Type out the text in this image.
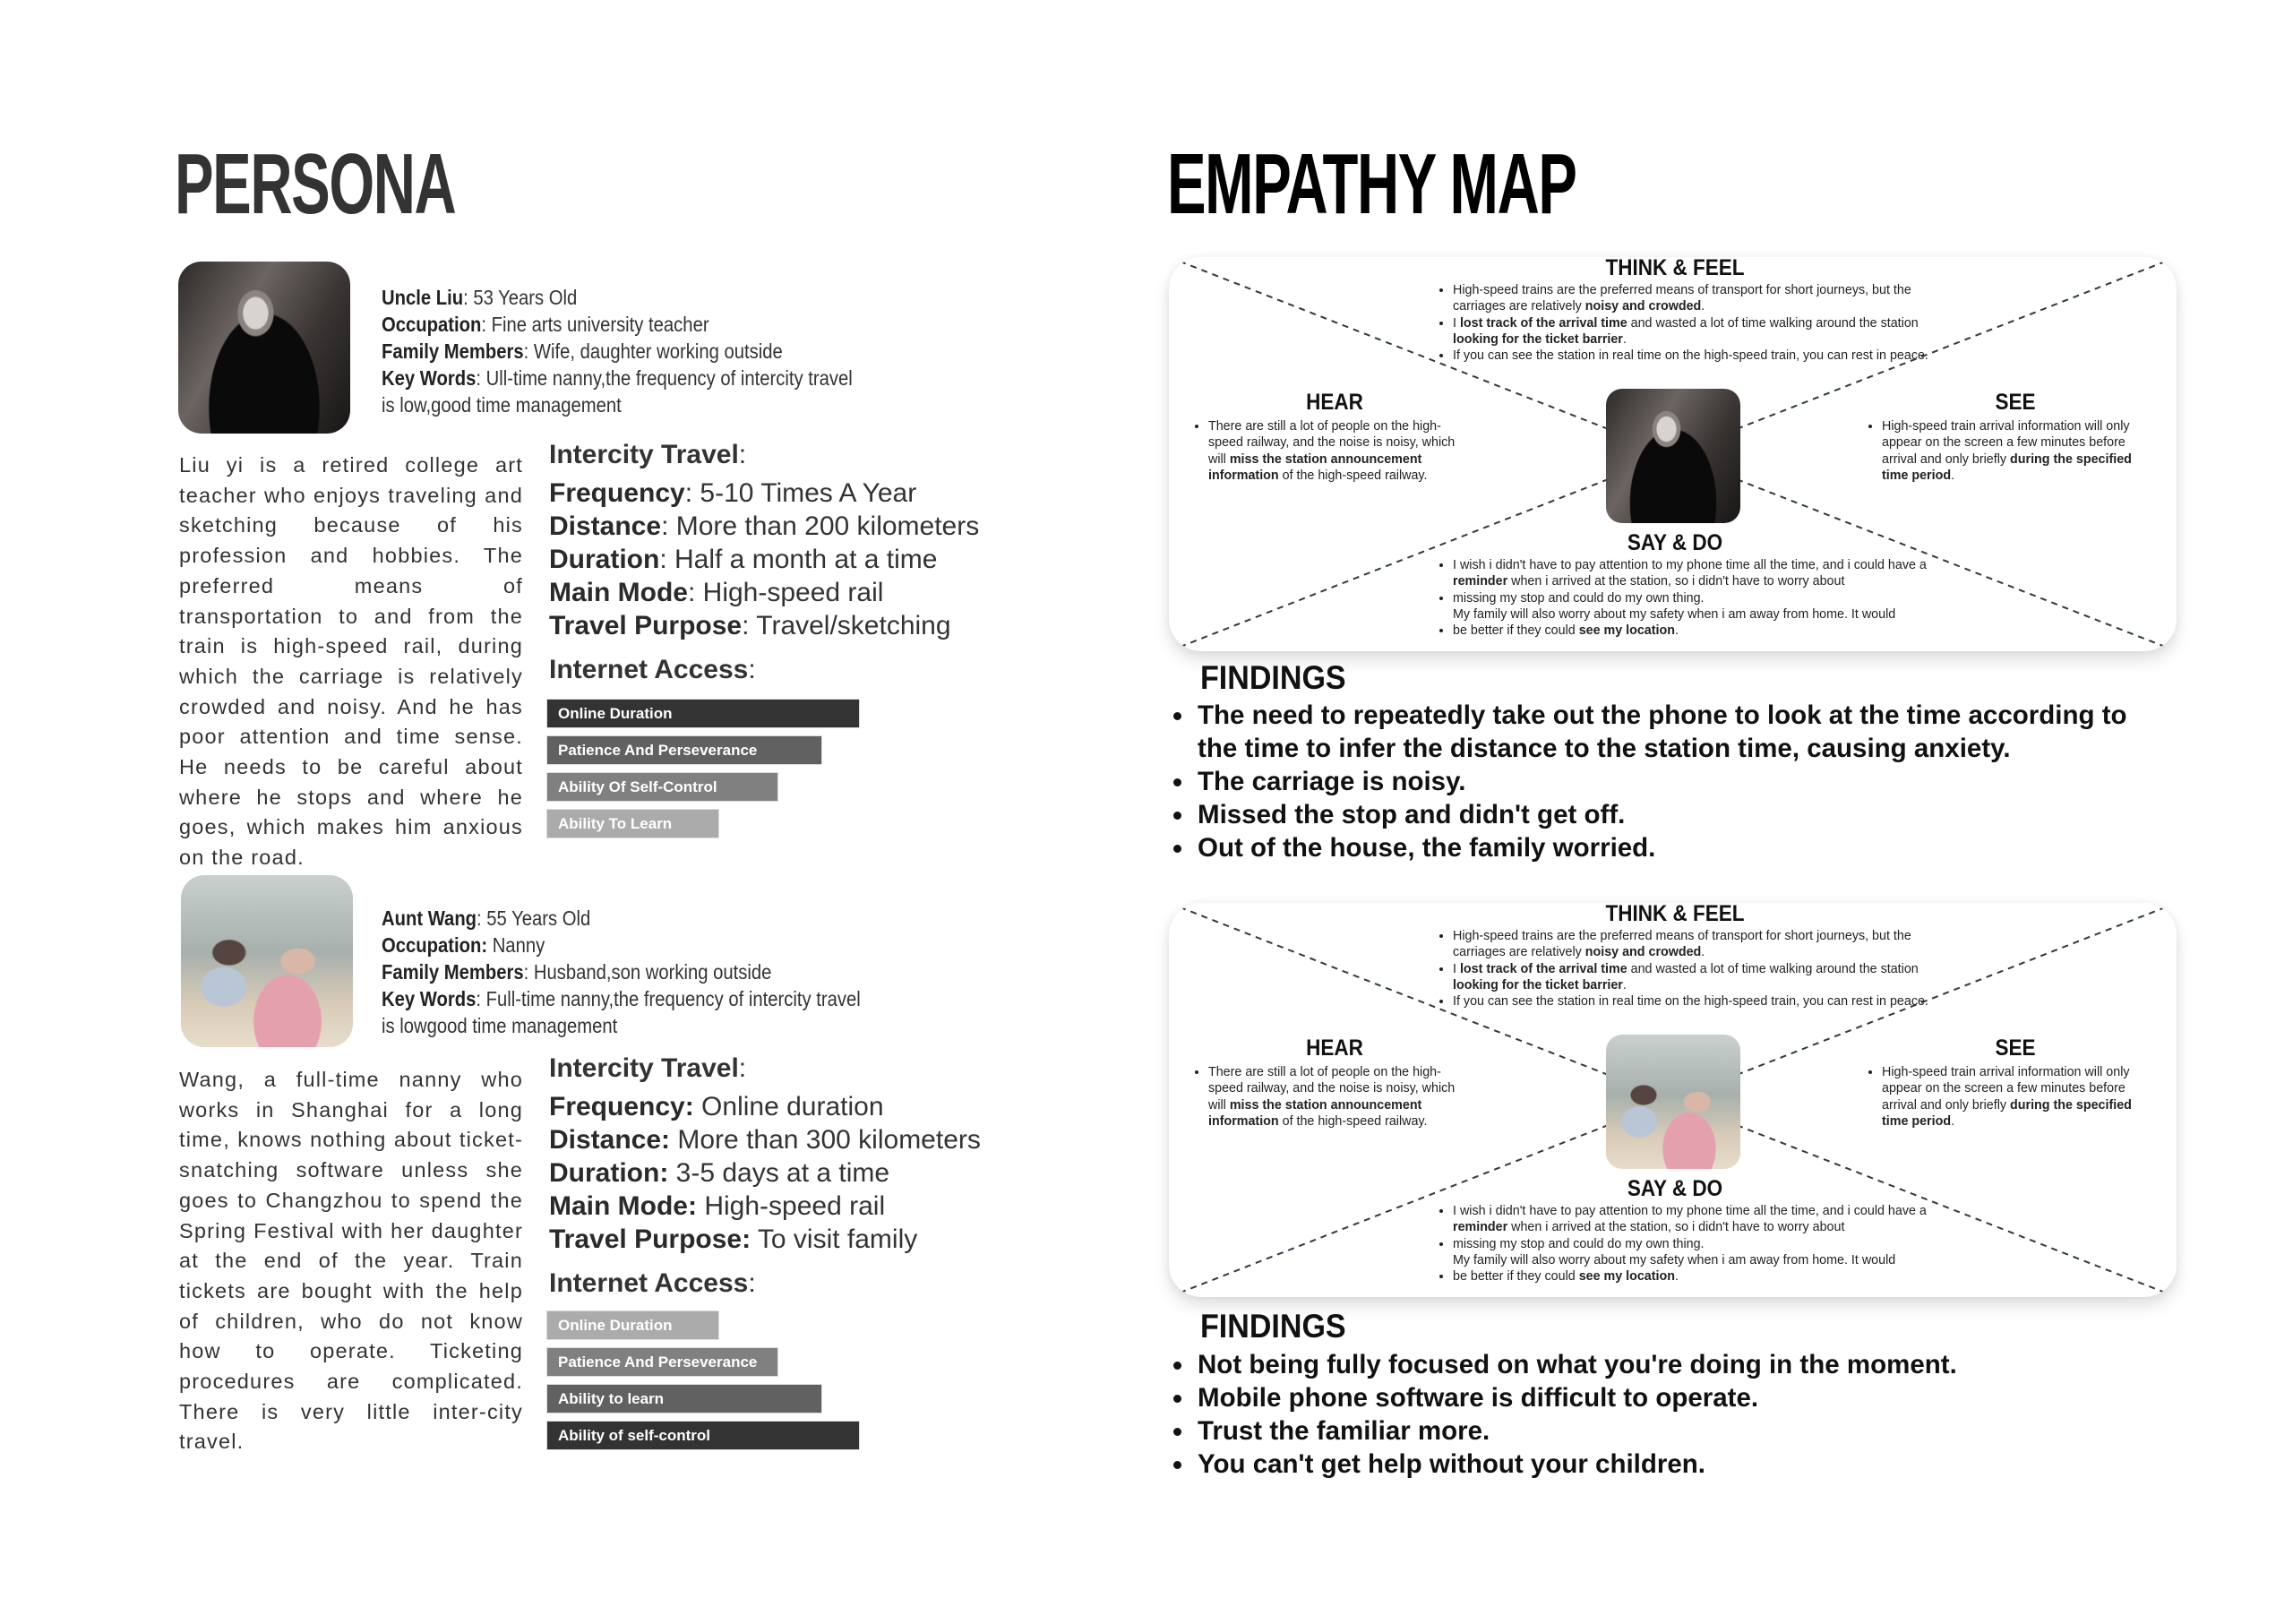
PERSONA	EMPATHY MAP
Uncle Liu: 53 Years Old
Occupation: Fine arts university teacher
Family Members: Wife, daughter working outside
Key Words: Ull-time nanny,the frequency of intercity travel
is low,good time management
Liu yi is a retired college art teacher who enjoys traveling and sketching because of his profession and hobbies. The preferred means of transportation to and from the train is high-speed rail, during which the carriage is relatively crowded and noisy. And he has poor attention and time sense. He needs to be careful about where he stops and where he goes, which makes him anxious on the road.
Intercity Travel:
Frequency: 5-10 Times A Year
Distance: More than 200 kilometers
Duration: Half a month at a time
Main Mode: High-speed rail
Travel Purpose: Travel/sketching
Internet Access:
Online Duration
Patience And Perseverance
Ability Of Self-Control
Ability To Learn
Aunt Wang: 55 Years Old
Occupation: Nanny
Family Members: Husband,son working outside
Key Words: Full-time nanny,the frequency of intercity travel
is lowgood time management
Wang, a full-time nanny who works in Shanghai for a long time, knows nothing about ticket-snatching software unless she goes to Changzhou to spend the Spring Festival with her daughter at the end of the year. Train tickets are bought with the help of children, who do not know how to operate. Ticketing procedures are complicated. There is very little inter-city travel.
Intercity Travel:
Frequency: Online duration
Distance: More than 300 kilometers
Duration: 3-5 days at a time
Main Mode: High-speed rail
Travel Purpose: To visit family
Internet Access:
Online Duration
Patience And Perseverance
Ability to learn
Ability of self-control
THINK & FEEL
• High-speed trains are the preferred means of transport for short journeys, but the carriages are relatively noisy and crowded.
• I lost track of the arrival time and wasted a lot of time walking around the station looking for the ticket barrier.
• If you can see the station in real time on the high-speed train, you can rest in peace.
HEAR
• There are still a lot of people on the high-speed railway, and the noise is noisy, which will miss the station announcement information of the high-speed railway.
SEE
• High-speed train arrival information will only appear on the screen a few minutes before arrival and only briefly during the specified time period.
SAY & DO
• I wish i didn't have to pay attention to my phone time all the time, and i could have a reminder when i arrived at the station, so i didn't have to worry about
• missing my stop and could do my own thing.
My family will also worry about my safety when i am away from home. It would
• be better if they could see my location.
FINDINGS
• The need to repeatedly take out the phone to look at the time according to the time to infer the distance to the station time, causing anxiety.
• The carriage is noisy.
• Missed the stop and didn't get off.
• Out of the house, the family worried.
THINK & FEEL
• High-speed trains are the preferred means of transport for short journeys, but the carriages are relatively noisy and crowded.
• I lost track of the arrival time and wasted a lot of time walking around the station looking for the ticket barrier.
• If you can see the station in real time on the high-speed train, you can rest in peace.
HEAR
• There are still a lot of people on the high-speed railway, and the noise is noisy, which will miss the station announcement information of the high-speed railway.
SEE
• High-speed train arrival information will only appear on the screen a few minutes before arrival and only briefly during the specified time period.
SAY & DO
• I wish i didn't have to pay attention to my phone time all the time, and i could have a reminder when i arrived at the station, so i didn't have to worry about
• missing my stop and could do my own thing.
My family will also worry about my safety when i am away from home. It would
• be better if they could see my location.
FINDINGS
• Not being fully focused on what you're doing in the moment.
• Mobile phone software is difficult to operate.
• Trust the familiar more.
• You can't get help without your children.
